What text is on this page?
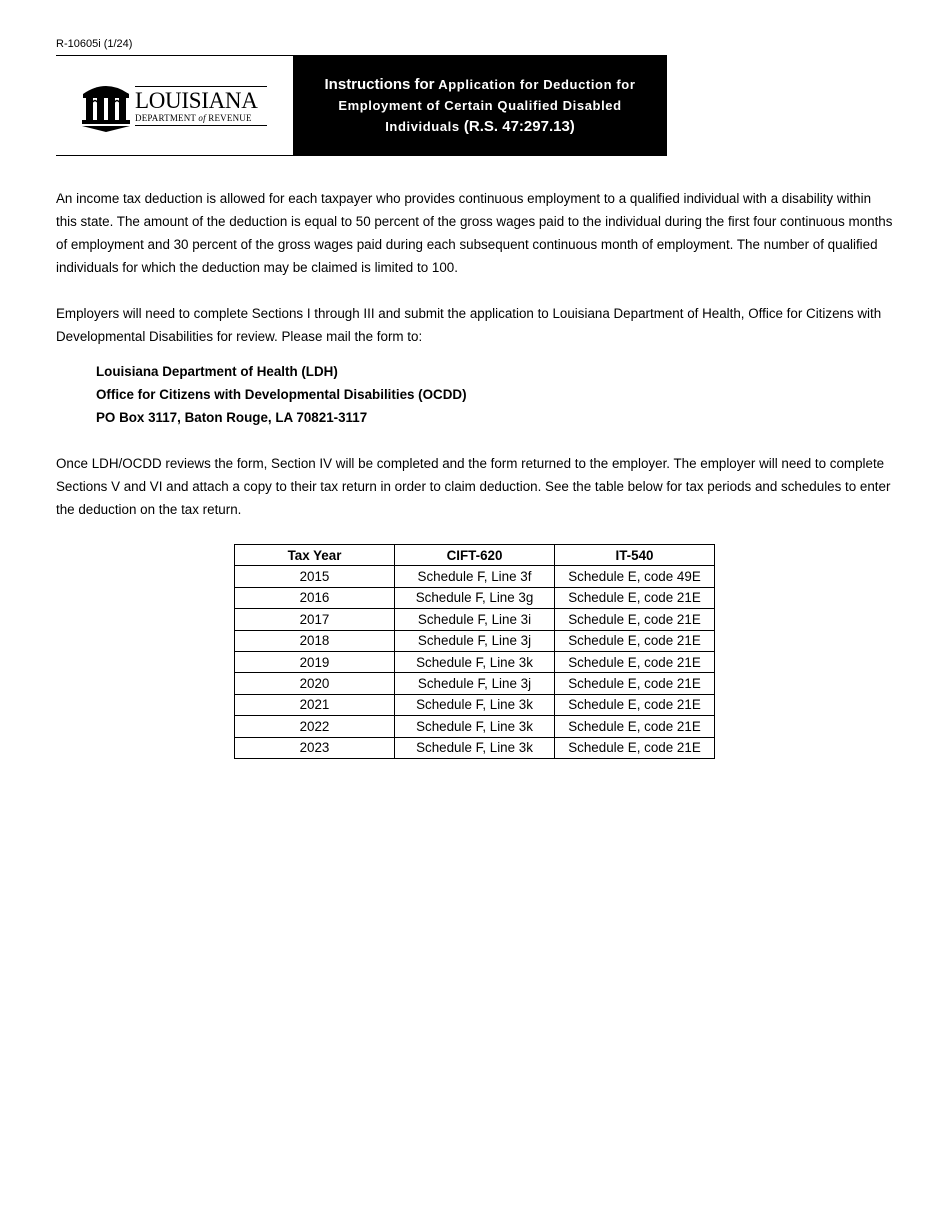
R-10605i (1/24)
LOUISIANA
DEPARTMENT of REVENUE
Instructions for Application for Deduction for Employment of Certain Qualified Disabled Individuals (R.S. 47:297.13)
An income tax deduction is allowed for each taxpayer who provides continuous employment to a qualified individual with a disability within this state. The amount of the deduction is equal to 50 percent of the gross wages paid to the individual during the first four continuous months of employment and 30 percent of the gross wages paid during each subsequent continuous month of employment. The number of qualified individuals for which the deduction may be claimed is limited to 100.
Employers will need to complete Sections I through III and submit the application to Louisiana Department of Health, Office for Citizens with Developmental Disabilities for review. Please mail the form to:
Louisiana Department of Health (LDH)
Office for Citizens with Developmental Disabilities (OCDD)
PO Box 3117, Baton Rouge, LA 70821-3117
Once LDH/OCDD reviews the form, Section IV will be completed and the form returned to the employer. The employer will need to complete Sections V and VI and attach a copy to their tax return in order to claim deduction. See the table below for tax periods and schedules to enter the deduction on the tax return.
Tax Year	CIFT-620	IT-540
2015	Schedule F, Line 3f	Schedule E, code 49E
2016	Schedule F, Line 3g	Schedule E, code 21E
2017	Schedule F, Line 3i	Schedule E, code 21E
2018	Schedule F, Line 3j	Schedule E, code 21E
2019	Schedule F, Line 3k	Schedule E, code 21E
2020	Schedule F, Line 3j	Schedule E, code 21E
2021	Schedule F, Line 3k	Schedule E, code 21E
2022	Schedule F, Line 3k	Schedule E, code 21E
2023	Schedule F, Line 3k	Schedule E, code 21E
